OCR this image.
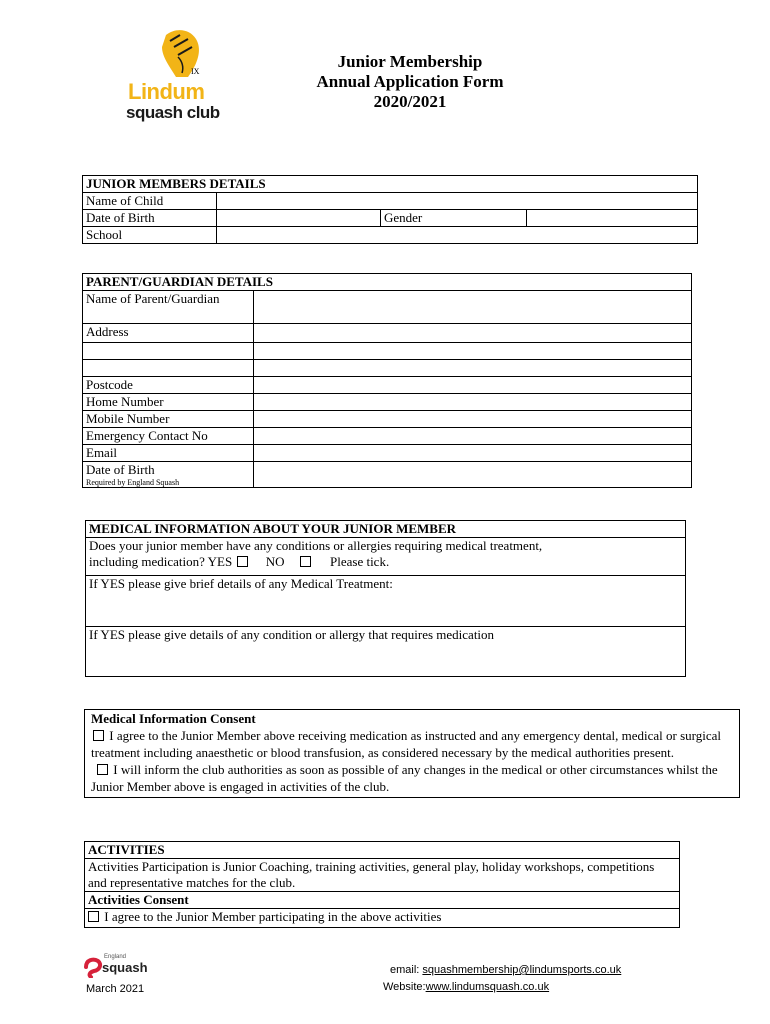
IX
Lindum
squash club
Junior Membership
Annual Application Form
2020/2021
JUNIOR MEMBERS DETAILS			
Name of Child			
Date of Birth		Gender	
School			
PARENT/GUARDIAN DETAILS	
Name of Parent/Guardian	
Address	

Postcode	
Home Number	
Mobile Number	
Emergency Contact No	
Email	

Date of Birth
Required by England Squash	

MEDICAL INFORMATION ABOUT YOUR JUNIOR MEMBER

Does your junior member have any conditions or allergies requiring medical treatment,
including medication? YES	NO	Please tick.

If YES please give brief details of any Medical Treatment:
If YES please give details of any condition or allergy that requires medication
Medical Information Consent
I agree to the Junior Member above receiving medication as instructed and any emergency dental, medical or surgical treatment including anaesthetic or blood transfusion, as considered necessary by the medical authorities present.
I will inform the club authorities as soon as possible of any changes in the medical or other circumstances whilst the Junior Member above is engaged in activities of the club.
ACTIVITIES
Activities Participation is Junior Coaching, training activities, general play, holiday workshops, competitions and representative matches for the club.
Activities Consent
I agree to the Junior Member participating in the above activities
England
squash
March 2021
email: squashmembership@lindumsports.co.uk
Website:www.lindumsquash.co.uk
